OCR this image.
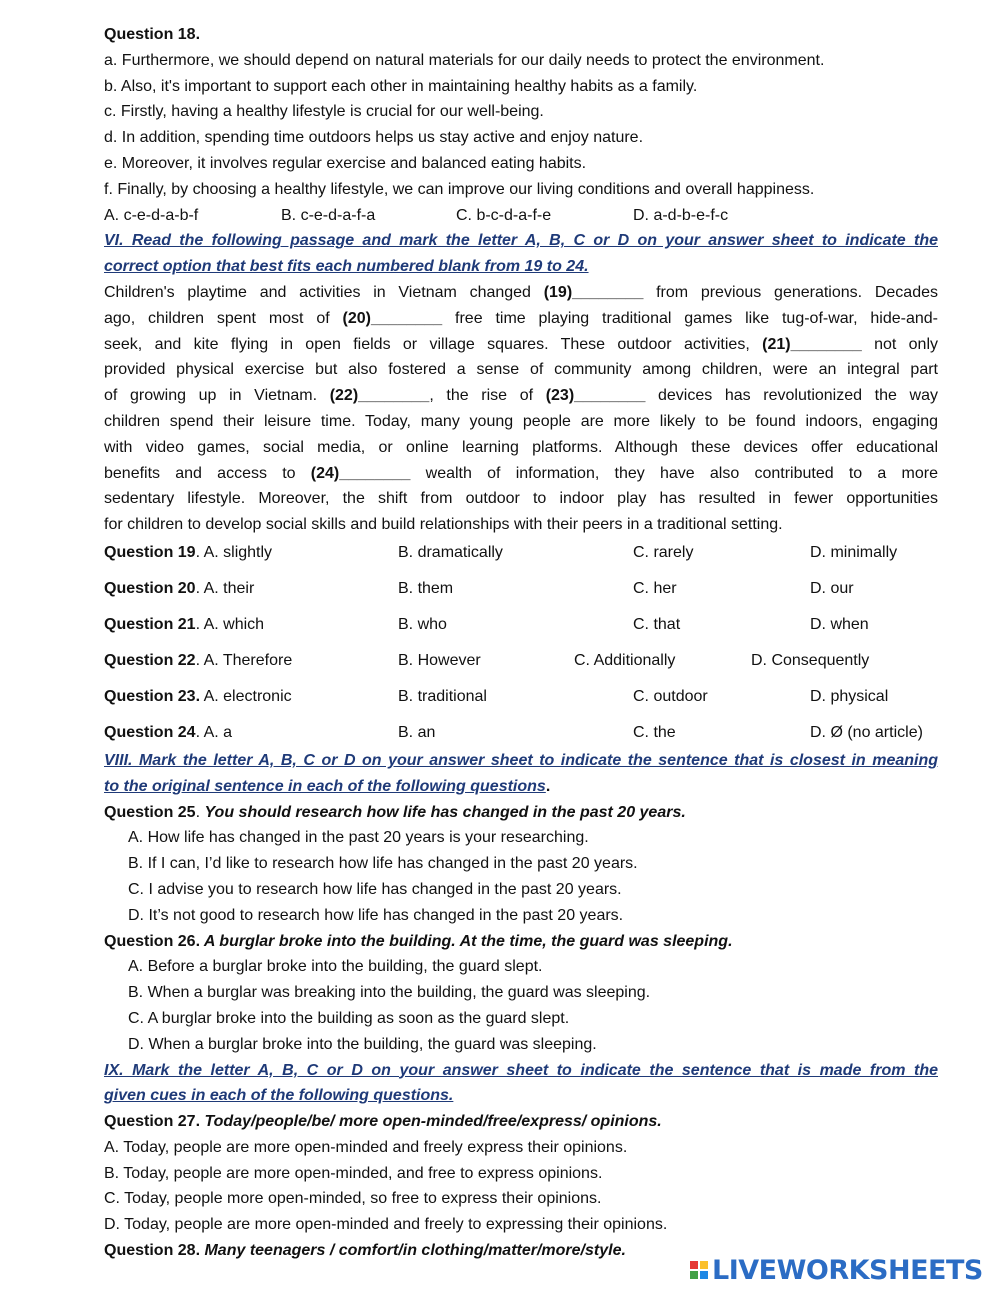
Question 18.
a. Furthermore, we should depend on natural materials for our daily needs to protect the environment.
b. Also, it's important to support each other in maintaining healthy habits as a family.
c. Firstly, having a healthy lifestyle is crucial for our well-being.
d. In addition, spending time outdoors helps us stay active and enjoy nature.
e. Moreover, it involves regular exercise and balanced eating habits.
f. Finally, by choosing a healthy lifestyle, we can improve our living conditions and overall happiness.
A. c-e-d-a-b-f	B. c-e-d-a-f-a	C. b-c-d-a-f-e	D. a-d-b-e-f-c
VI. Read the following passage and mark the letter A, B, C or D on your answer sheet to indicate the
correct option that best fits each numbered blank from 19 to 24.
Children's playtime and activities in Vietnam changed (19)________ from previous generations. Decades
ago, children spent most of (20)________ free time playing traditional games like tug-of-war, hide-and-
seek, and kite flying in open fields or village squares. These outdoor activities, (21)________ not only
provided physical exercise but also fostered a sense of community among children, were an integral part
of growing up in Vietnam. (22)________, the rise of (23)________ devices has revolutionized the way
children spend their leisure time. Today, many young people are more likely to be found indoors, engaging
with video games, social media, or online learning platforms. Although these devices offer educational
benefits and access to (24)________ wealth of information, they have also contributed to a more
sedentary lifestyle. Moreover, the shift from outdoor to indoor play has resulted in fewer opportunities
for children to develop social skills and build relationships with their peers in a traditional setting.
Question 19. A. slightly	B. dramatically	C. rarely	D. minimally
Question 20. A. their	B. them	C. her	D. our
Question 21. A. which	B. who	C. that	D. when
Question 22. A. Therefore	B. However	C. Additionally	D. Consequently
Question 23. A. electronic	B. traditional	C. outdoor	D. physical
Question 24. A. a	B. an	C. the	D. Ø (no article)
VIII. Mark the letter A, B, C or D on your answer sheet to indicate the sentence that is closest in meaning
to the original sentence in each of the following questions.
Question 25. You should research how life has changed in the past 20 years.
A. How life has changed in the past 20 years is your researching.
B. If I can, I’d like to research how life has changed in the past 20 years.
C. I advise you to research how life has changed in the past 20 years.
D. It’s not good to research how life has changed in the past 20 years.
Question 26. A burglar broke into the building. At the time, the guard was sleeping.
A. Before a burglar broke into the building, the guard slept.
B. When a burglar was breaking into the building, the guard was sleeping.
C. A burglar broke into the building as soon as the guard slept.
D. When a burglar broke into the building, the guard was sleeping.
IX. Mark the letter A, B, C or D on your answer sheet to indicate the sentence that is made from the
given cues in each of the following questions.
Question 27. Today/people/be/ more open-minded/free/express/ opinions.
A. Today, people are more open-minded and freely express their opinions.
B. Today, people are more open-minded, and free to express opinions.
C. Today, people more open-minded, so free to express their opinions.
D. Today, people are more open-minded and freely to expressing their opinions.
Question 28. Many teenagers / comfort/in clothing/matter/more/style.
LIVEWORKSHEETS
